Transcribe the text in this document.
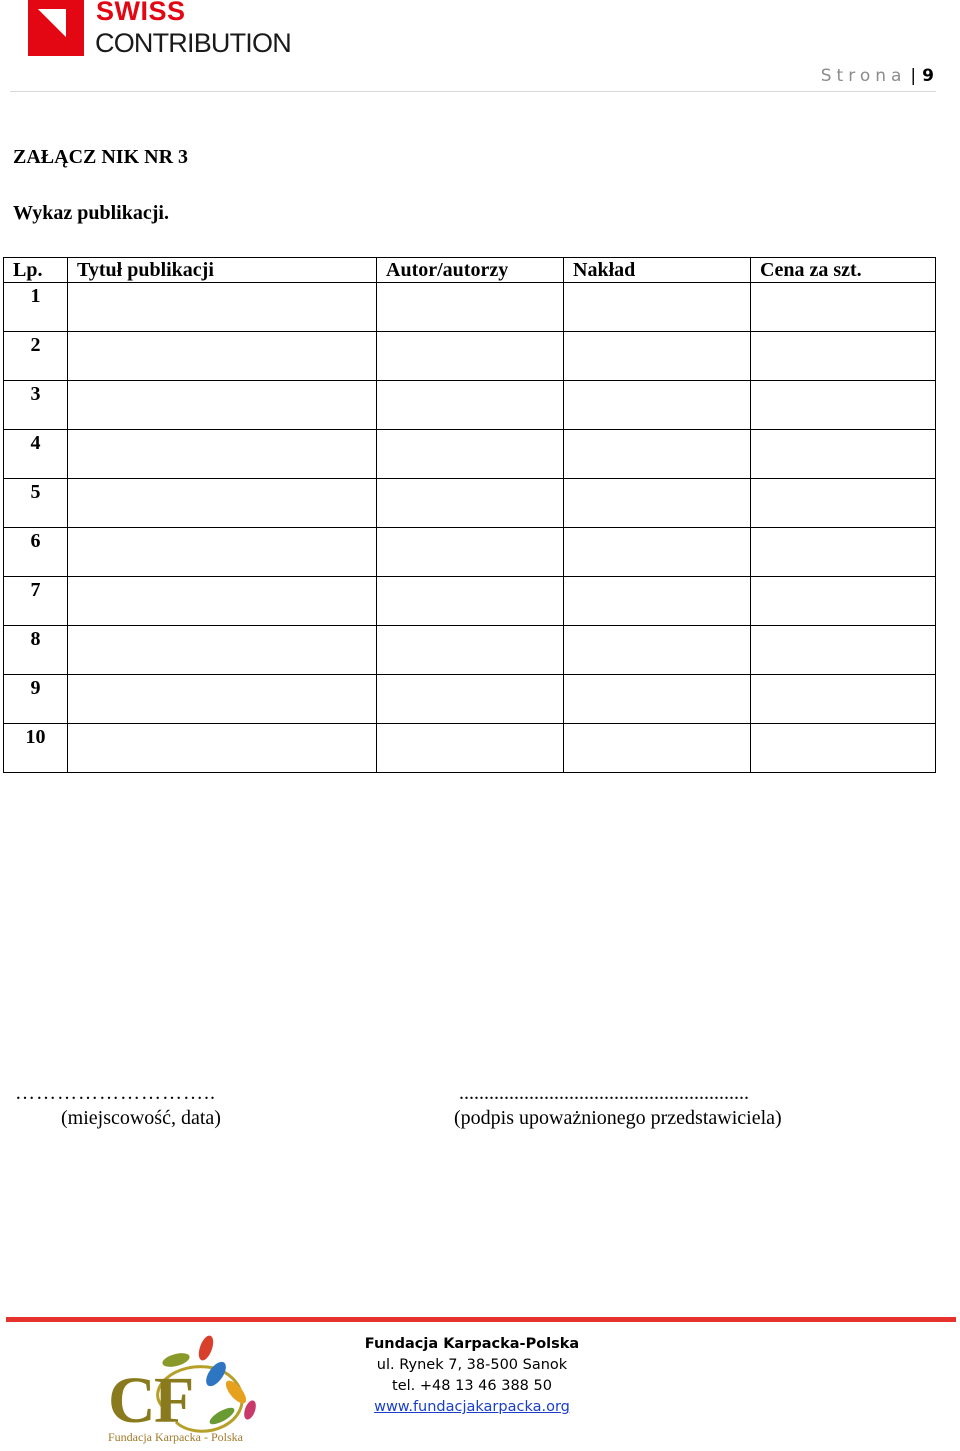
SWISS
CONTRIBUTION
Strona | 9
ZAŁĄCZ NIK NR 3
Wykaz publikacji.
Lp.	Tytuł publikacji	Autor/autorzy	Nakład	Cena za szt.
1				
2				
3				
4				
5				
6				
7				
8				
9				
10				
………………………..
(miejscowość, data)
..........................................................
(podpis upoważnionego przedstawiciela)
C
F
Fundacja Karpacka - Polska
Fundacja Karpacka-Polska
ul. Rynek 7, 38-500 Sanok
tel. +48 13 46 388 50
www.fundacjakarpacka.org
